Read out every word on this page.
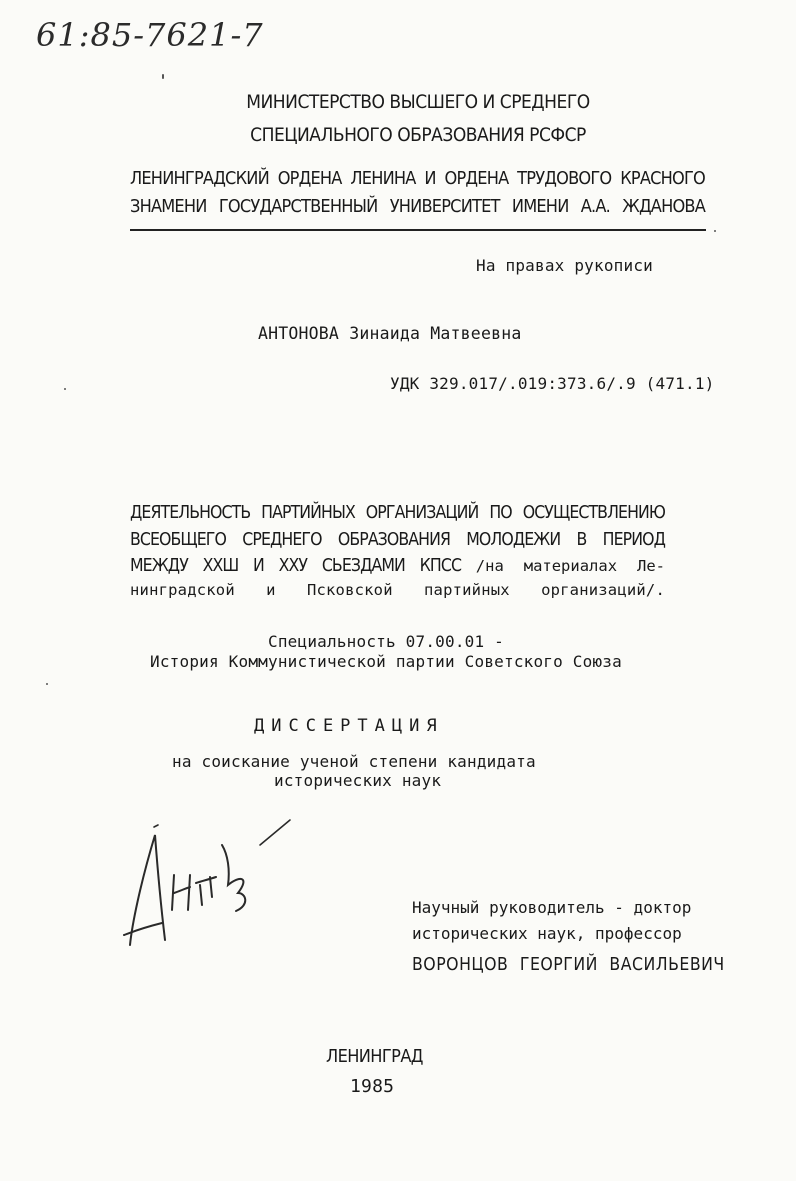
61:85-7621-7
МИНИСТЕРСТВО ВЫСШЕГО И СРЕДНЕГО
СПЕЦИАЛЬНОГО ОБРАЗОВАНИЯ РСФСР
ЛЕНИНГРАДСКИЙ ОРДЕНА ЛЕНИНА И ОРДЕНА ТРУДОВОГО КРАСНОГО
ЗНАМЕНИ ГОСУДАРСТВЕННЫЙ УНИВЕРСИТЕТ ИМЕНИ А.А. ЖДАНОВА
На правах рукописи
АНТОНОВА Зинаида Матвеевна
УДК 329.017/.019:373.6/.9 (471.1)
ДЕЯТЕЛЬНОСТЬ ПАРТИЙНЫХ ОРГАНИЗАЦИЙ ПО ОСУЩЕСТВЛЕНИЮ
ВСЕОБЩЕГО СРЕДНЕГО ОБРАЗОВАНИЯ МОЛОДЕЖИ В ПЕРИОД
МЕЖДУ ХХШ И ХХУ СЬЕЗДАМИ КПСС /на материалах Ле-
нинградской и Псковской партийных организаций/.
Специальность 07.00.01 -
История Коммунистической партии Советского Союза
ДИССЕРТАЦИЯ
на соискание ученой степени кандидата
исторических наук
Научный руководитель - доктор
исторических наук, профессор
ВОРОНЦОВ ГЕОРГИЙ ВАСИЛЬЕВИЧ
ЛЕНИНГРАД
1985
